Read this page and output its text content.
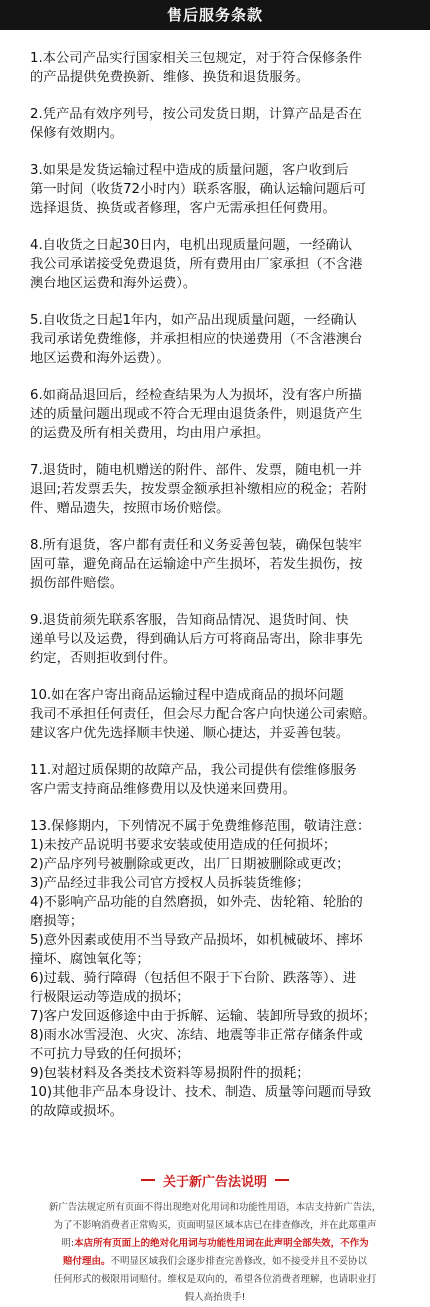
售后服务条款

1.本公司产品实行国家相关三包规定，对于符合保修条件
的产品提供免费换新、维修、换货和退货服务。

2.凭产品有效序列号，按公司发货日期，计算产品是否在
保修有效期内。

3.如果是发货运输过程中造成的质量问题，客户收到后
第一时间（收货72小时内）联系客服，确认运输问题后可
选择退货、换货或者修理，客户无需承担任何费用。

4.自收货之日起30日内，电机出现质量问题，一经确认
我公司承诺接受免费退货，所有费用由厂家承担（不含港
澳台地区运费和海外运费）。

5.自收货之日起1年内，如产品出现质量问题，一经确认
我司承诺免费维修，并承担相应的快递费用（不含港澳台
地区运费和海外运费）。

6.如商品退回后，经检查结果为人为损坏，没有客户所描
述的质量问题出现或不符合无理由退货条件，则退货产生
的运费及所有相关费用，均由用户承担。

7.退货时，随电机赠送的附件、部件、发票，随电机一并
退回;若发票丢失，按发票金额承担补缴相应的税金；若附
件、赠品遗失，按照市场价赔偿。

8.所有退货，客户都有责任和义务妥善包装，确保包装牢
固可靠，避免商品在运输途中产生损坏，若发生损伤，按
损伤部件赔偿。

9.退货前须先联系客服，告知商品情况、退货时间、快
递单号以及运费，得到确认后方可将商品寄出，除非事先
约定，否则拒收到付件。

10.如在客户寄出商品运输过程中造成商品的损坏问题
我司不承担任何责任，但会尽力配合客户向快递公司索赔。
建议客户优先选择顺丰快递、顺心捷达，并妥善包装。

11.对超过质保期的故障产品，我公司提供有偿维修服务
客户需支持商品维修费用以及快递来回费用。

13.保修期内，下列情况不属于免费维修范围，敬请注意：
1)未按产品说明书要求安装或使用造成的任何损坏；
2)产品序列号被删除或更改，出厂日期被删除或更改；
3)产品经过非我公司官方授权人员拆装货维修；
4)不影响产品功能的自然磨损，如外壳、齿轮箱、轮胎的
磨损等；
5)意外因素或使用不当导致产品损坏，如机械破坏、摔坏
撞坏、腐蚀氧化等；
6)过载、骑行障碍（包括但不限于下台阶、跌落等）、进
行极限运动等造成的损坏；
7)客户发回返修途中由于拆解、运输、装卸所导致的损坏；
8)雨水冰雪浸泡、火灾、冻结、地震等非正常存储条件或
不可抗力导致的任何损坏；
9)包装材料及各类技术资料等易损附件的损耗；
10)其他非产品本身设计、技术、制造、质量等问题而导致
的故障或损坏。

关于新广告法说明
新广告法规定所有页面不得出现绝对化用词和功能性用语，本店支持新广告法，
为了不影响消费者正常购买，页面明显区域本店已在排查修改，并在此郑重声
明:本店所有页面上的绝对化用词与功能性用词在此声明全部失效，不作为
赔付理由。不明显区域我们会逐步排查完善修改，如不接受并且不妥协以
任何形式的极限用词赔付。维权是双向的，希望各位消费者理解，也请职业打
假人高抬贵手!
